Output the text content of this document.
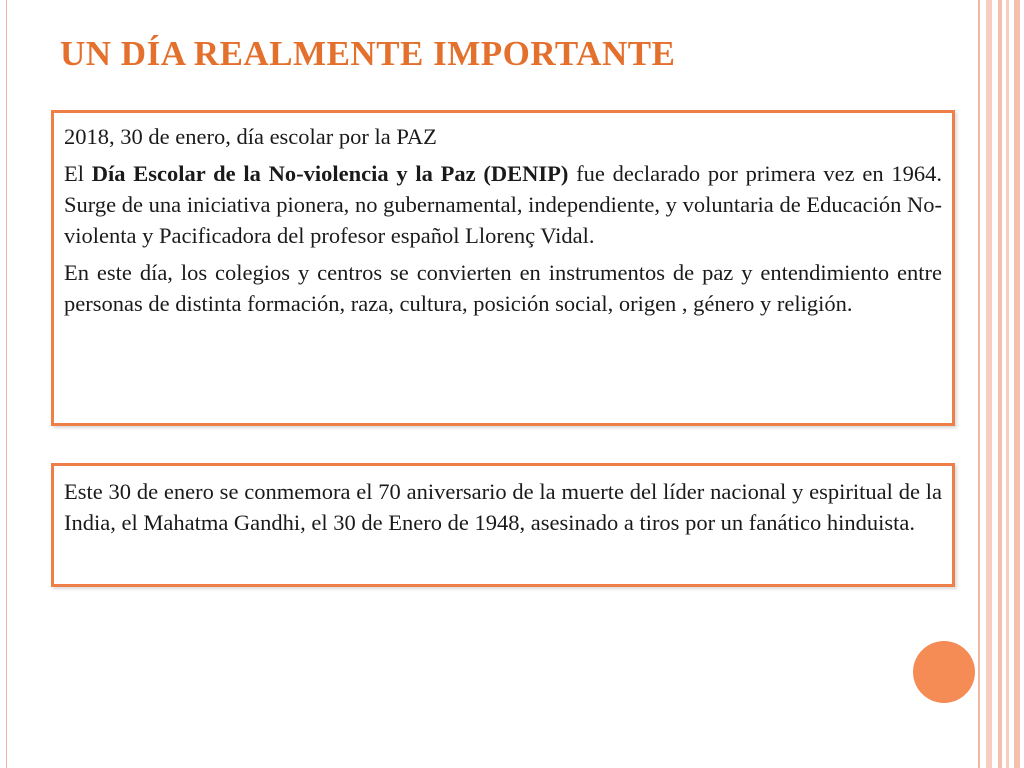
UN DÍA REALMENTE IMPORTANTE

2018, 30 de enero, día escolar por la PAZ

El Día Escolar de la No-violencia y la Paz (DENIP) fue declarado por primera vez en 1964. Surge de una iniciativa pionera, no gubernamental, independiente, y voluntaria de Educación No-violenta y Pacificadora del profesor español Llorenç Vidal.

En este día, los colegios y centros se convierten en instrumentos de paz y entendimiento entre personas de distinta formación, raza, cultura, posición social, origen , género y religión.

Este 30 de enero se conmemora el 70 aniversario de la muerte del líder nacional y espiritual de la India, el Mahatma Gandhi, el 30 de Enero de 1948, asesinado a tiros por un fanático hinduista.
